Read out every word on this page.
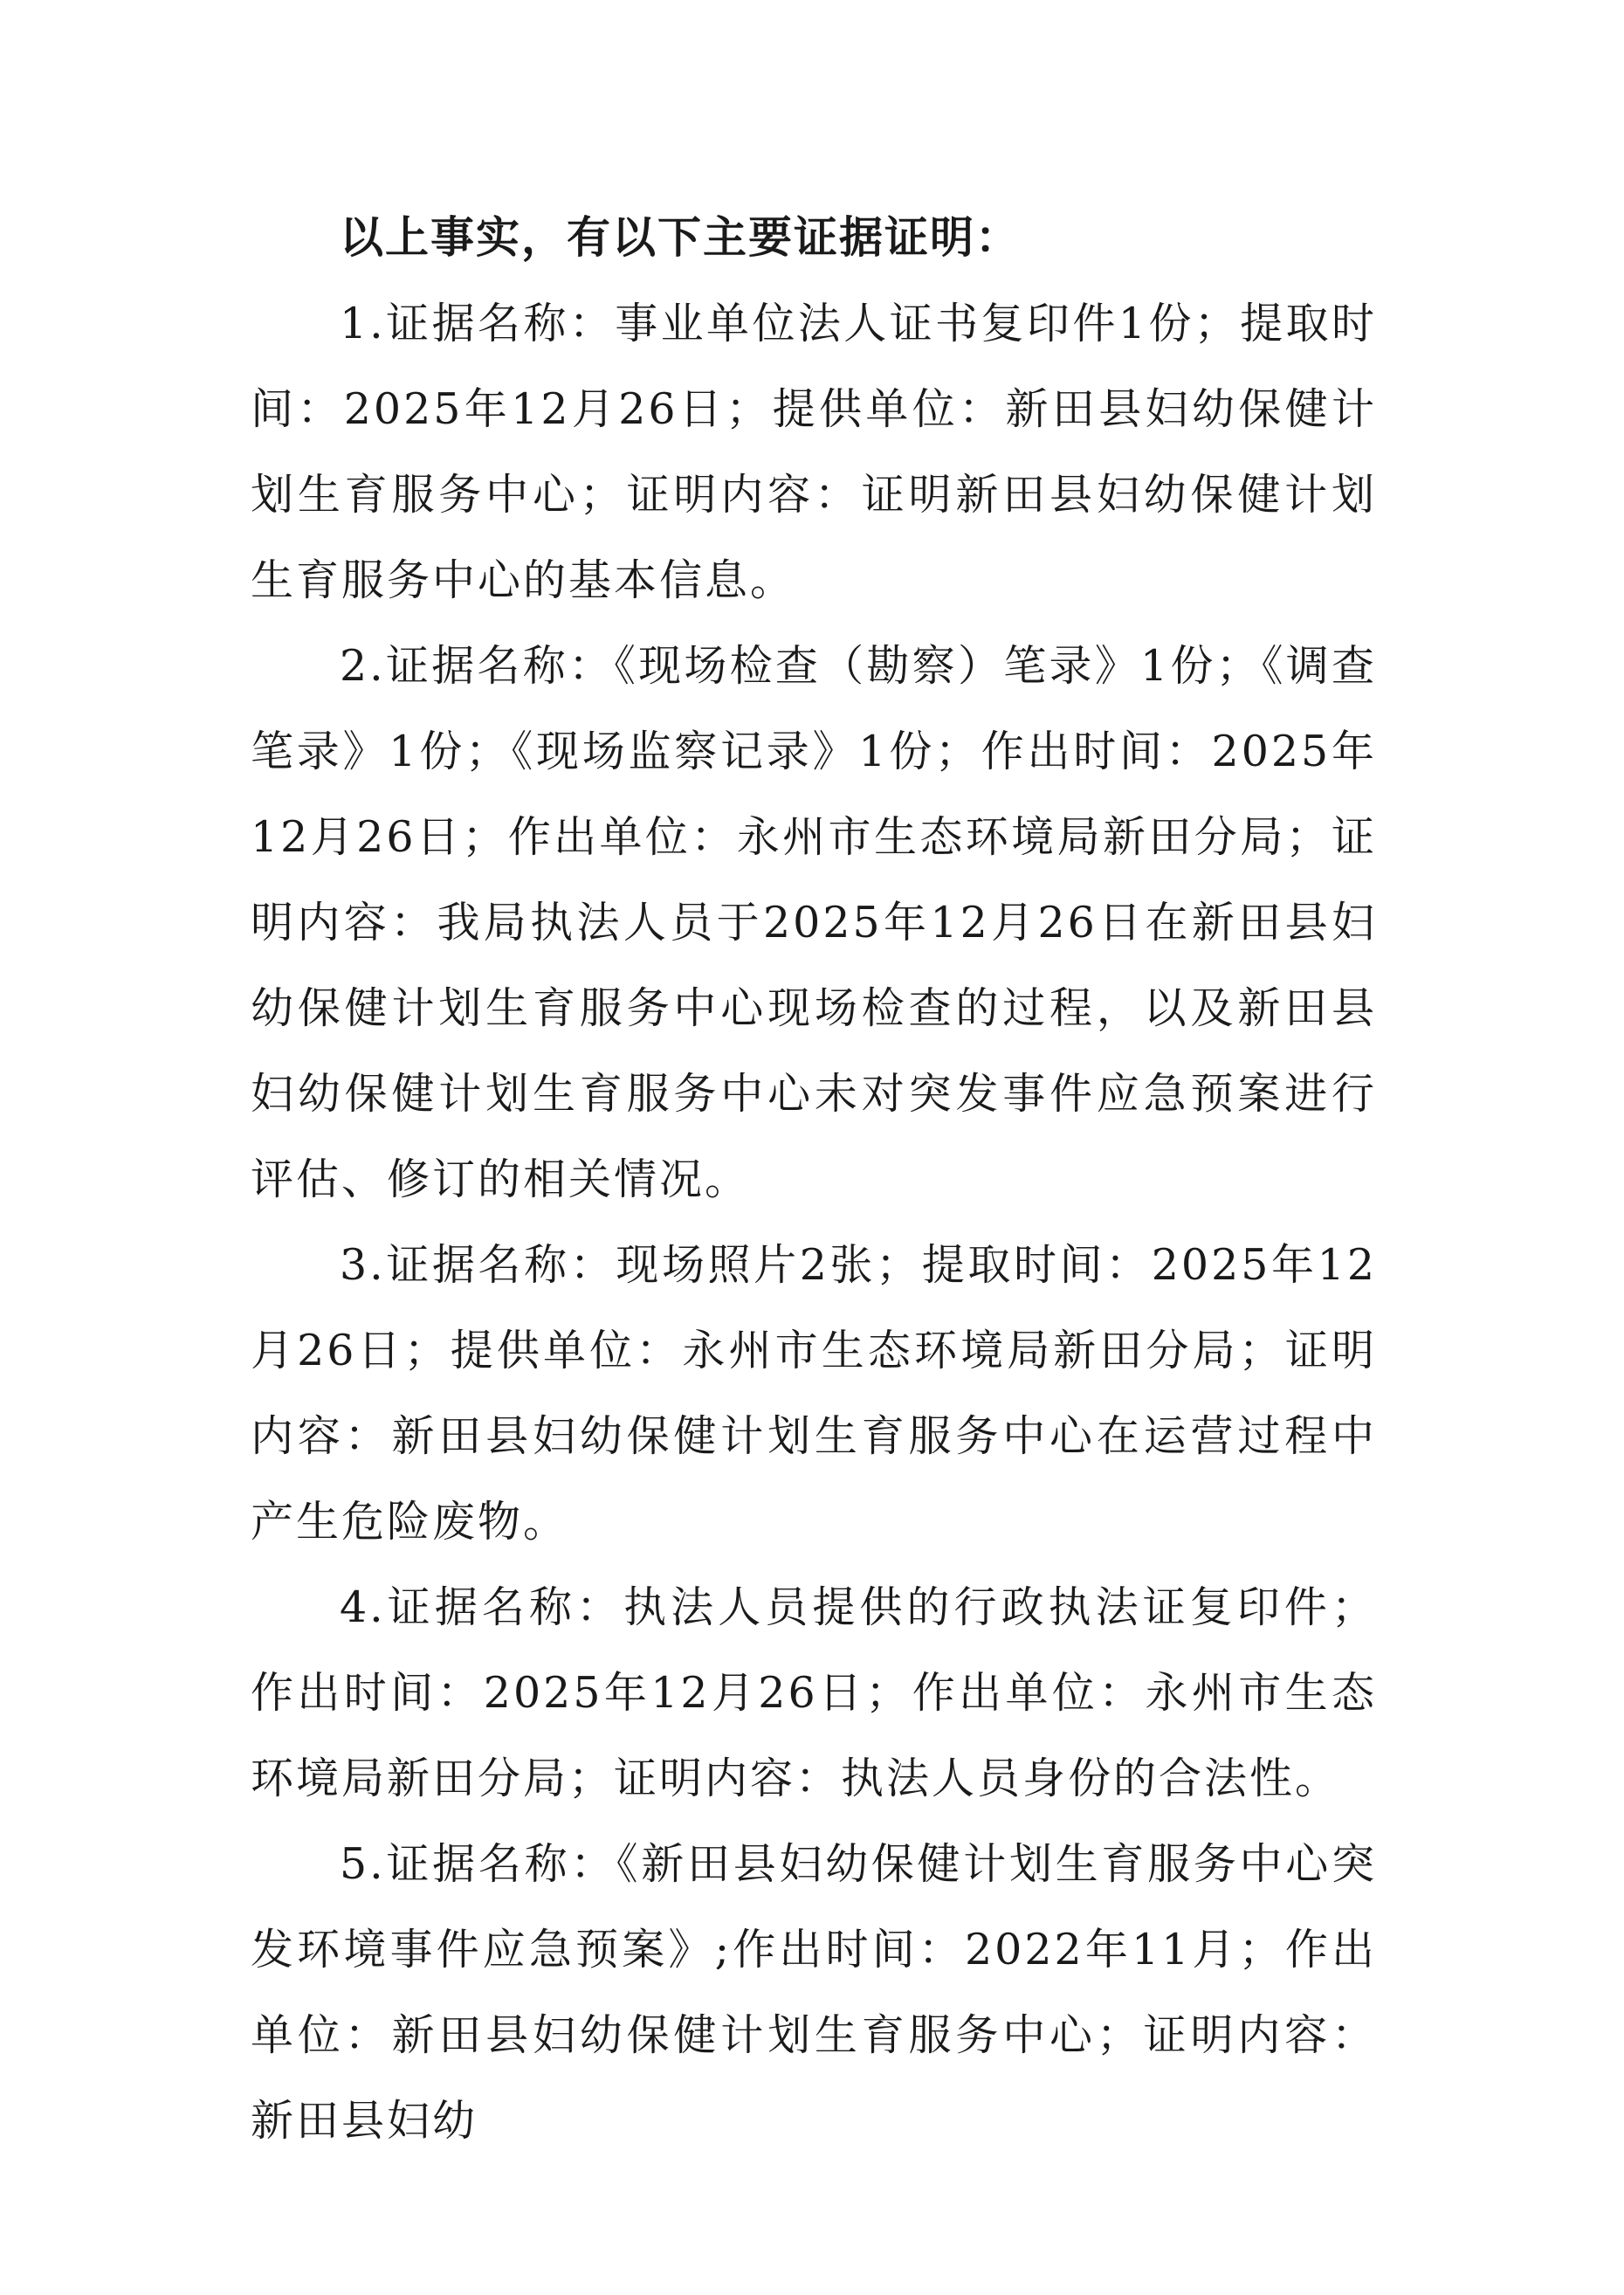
以上事实，有以下主要证据证明：

1.证据名称：事业单位法人证书复印件1份；提取时间：2025年12月26日；提供单位：新田县妇幼保健计划生育服务中心；证明内容：证明新田县妇幼保健计划生育服务中心的基本信息。

2.证据名称：《现场检查（勘察）笔录》1份；《调查笔录》1份；《现场监察记录》1份；作出时间：2025年12月26日；作出单位：永州市生态环境局新田分局；证明内容：我局执法人员于2025年12月26日在新田县妇幼保健计划生育服务中心现场检查的过程，以及新田县妇幼保健计划生育服务中心未对突发事件应急预案进行评估、修订的相关情况。

3.证据名称：现场照片2张；提取时间：2025年12月26日；提供单位：永州市生态环境局新田分局；证明内容：新田县妇幼保健计划生育服务中心在运营过程中产生危险废物。

4.证据名称：执法人员提供的行政执法证复印件；作出时间：2025年12月26日；作出单位：永州市生态环境局新田分局；证明内容：执法人员身份的合法性。

5.证据名称：《新田县妇幼保健计划生育服务中心突发环境事件应急预案》;作出时间：2022年11月；作出单位：新田县妇幼保健计划生育服务中心；证明内容：新田县妇幼
